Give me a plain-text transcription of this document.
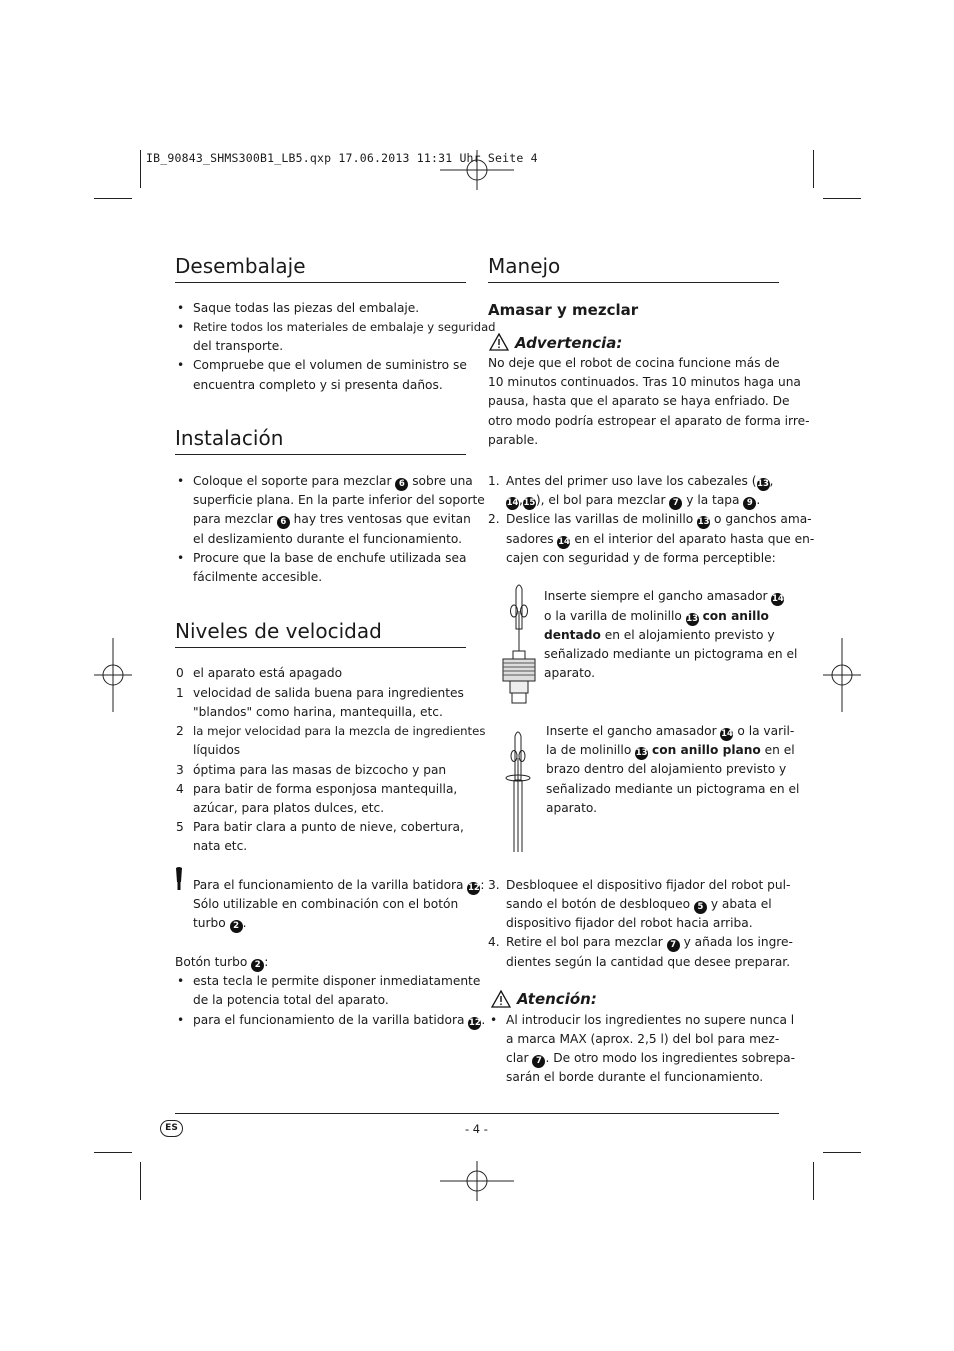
IB_90843_SHMS300B1_LB5.qxp 17.06.2013 11:31 Uhr Seite 4
Desembalaje
• Saque todas las piezas del embalaje.
• Retire todos los materiales de embalaje y seguridad
del transporte.
• Compruebe que el volumen de suministro se
encuentra completo y si presenta daños.
Instalación
• Coloque el soporte para mezclar 6 sobre una
superficie plana. En la parte inferior del soporte
para mezclar 6 hay tres ventosas que evitan
el deslizamiento durante el funcionamiento.
• Procure que la base de enchufe utilizada sea
fácilmente accesible.
Niveles de velocidad
0 el aparato está apagado
1 velocidad de salida buena para ingredientes
"blandos" como harina, mantequilla, etc.
2 la mejor velocidad para la mezcla de ingredientes
líquidos
3 óptima para las masas de bizcocho y pan
4 para batir de forma esponjosa mantequilla,
azúcar, para platos dulces, etc.
5 Para batir clara a punto de nieve, cobertura,
nata etc.
Para el funcionamiento de la varilla batidora 12:
Sólo utilizable en combinación con el botón
turbo 2 .
Botón turbo 2 :
• esta tecla le permite disponer inmediatamente
de la potencia total del aparato.
• para el funcionamiento de la varilla batidora 12.
Manejo
Amasar y mezclar
Advertencia:
No deje que el robot de cocina funcione más de
10 minutos continuados. Tras 10 minutos haga una
pausa, hasta que el aparato se haya enfriado. De
otro modo podría estropear el aparato de forma irre-
parable.
1. Antes del primer uso lave los cabezales (13,
14,15), el bol para mezclar 7 y la tapa 9 .
2. Deslice las varillas de molinillo 13 o ganchos ama-
sadores 14 en el interior del aparato hasta que en-
cajen con seguridad y de forma perceptible:
Inserte siempre el gancho amasador 14
o la varilla de molinillo 13 con anillo
dentado en el alojamiento previsto y
señalizado mediante un pictograma en el
aparato.
Inserte el gancho amasador 14 o la varil-
la de molinillo 13 con anillo plano en el
brazo dentro del alojamiento previsto y
señalizado mediante un pictograma en el
aparato.
3. Desbloquee el dispositivo fijador del robot pul-
sando el botón de desbloqueo 5 y abata el
dispositivo fijador del robot hacia arriba.
4. Retire el bol para mezclar 7 y añada los ingre-
dientes según la cantidad que desee preparar.
Atención:
• Al introducir los ingredientes no supere nunca l
a marca MAX (aprox. 2,5 l) del bol para mez-
clar 7 . De otro modo los ingredientes sobrepa-
sarán el borde durante el funcionamiento.
ES	- 4 -
